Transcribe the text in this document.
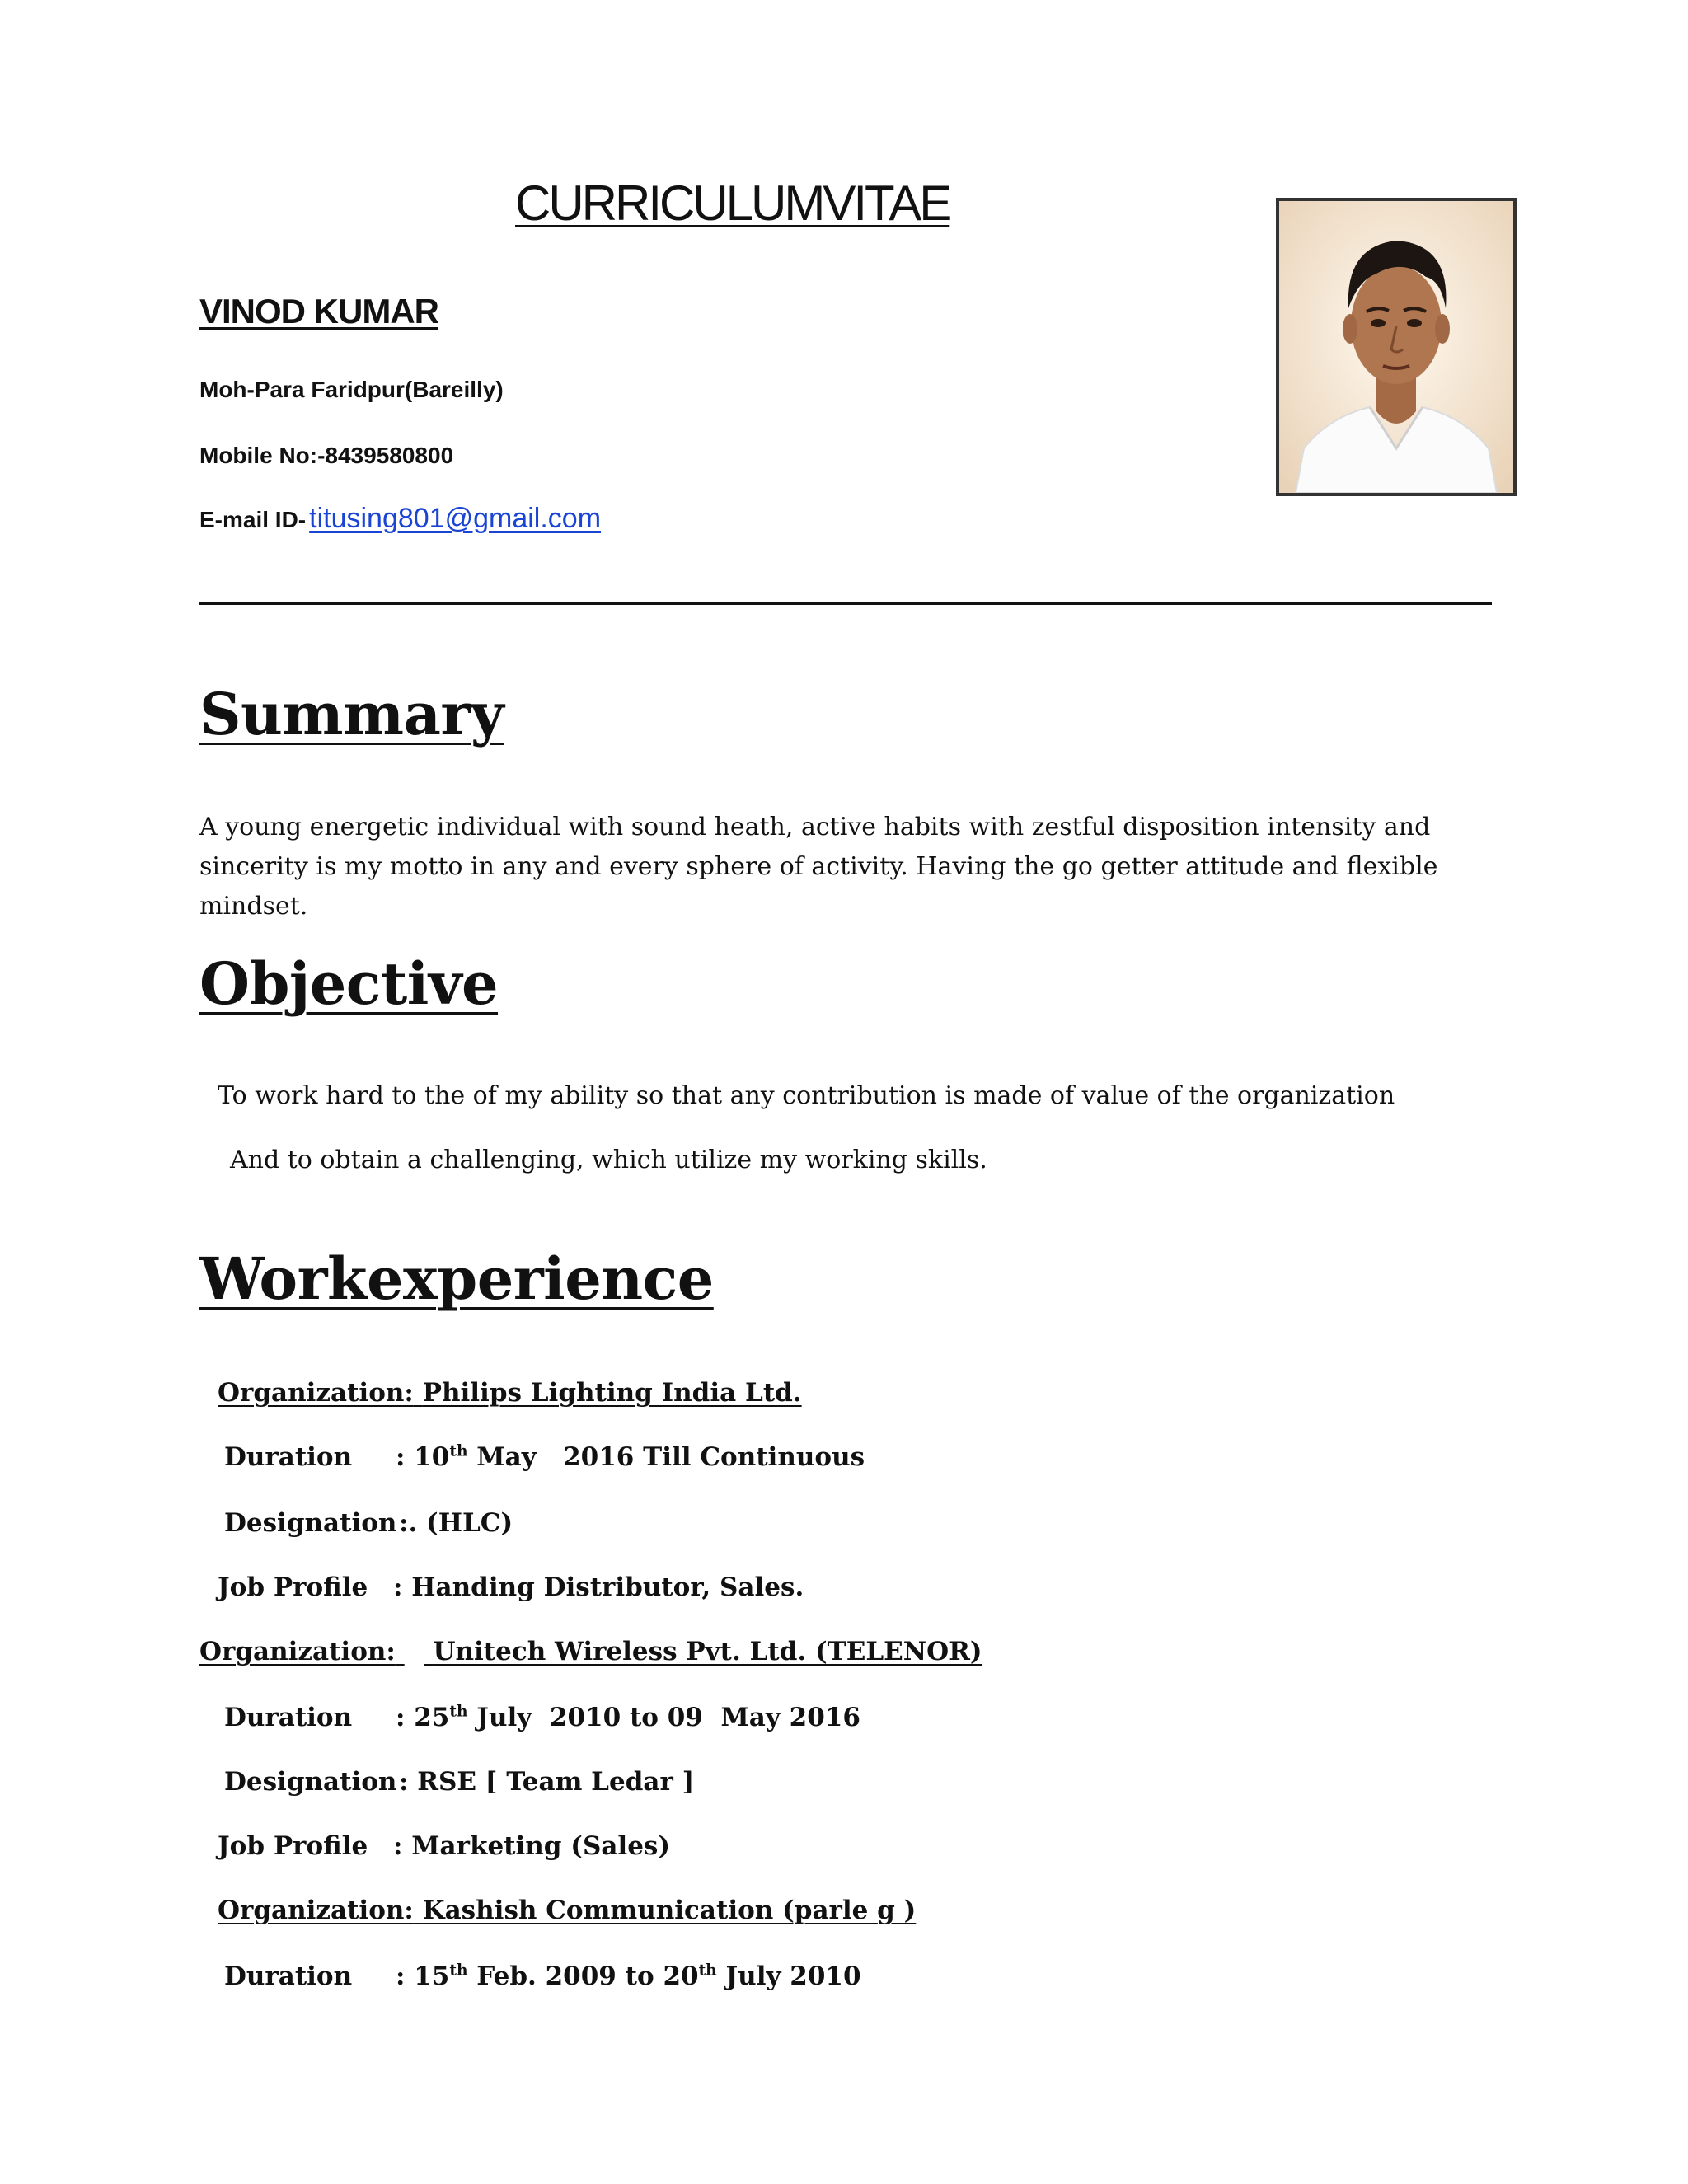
CURRICULUMVITAE
VINOD KUMAR
Moh-Para Faridpur(Bareilly)
Mobile No:-8439580800
E-mail ID- titusing801@gmail.com
Summary
A young energetic individual with sound heath, active habits with zestful disposition intensity and sincerity is my motto in any and every sphere of activity. Having the go getter attitude and flexible mindset.
Objective
To work hard to the of my ability so that any contribution is made of value of the organization
And to obtain a challenging, which utilize my working skills.
Workexperience
Organization: Philips Lighting India Ltd.
Duration : 10th May   2016 Till Continuous
Designation :. (HLC)
Job Profile : Handing Distributor, Sales.
Organization: Unitech Wireless Pvt. Ltd. (TELENOR)
Duration : 25th July  2010 to 09  May 2016
Designation : RSE [ Team Ledar ]
Job Profile : Marketing (Sales)
Organization: Kashish Communication (parle g )
Duration : 15th Feb. 2009 to 20th July 2010
